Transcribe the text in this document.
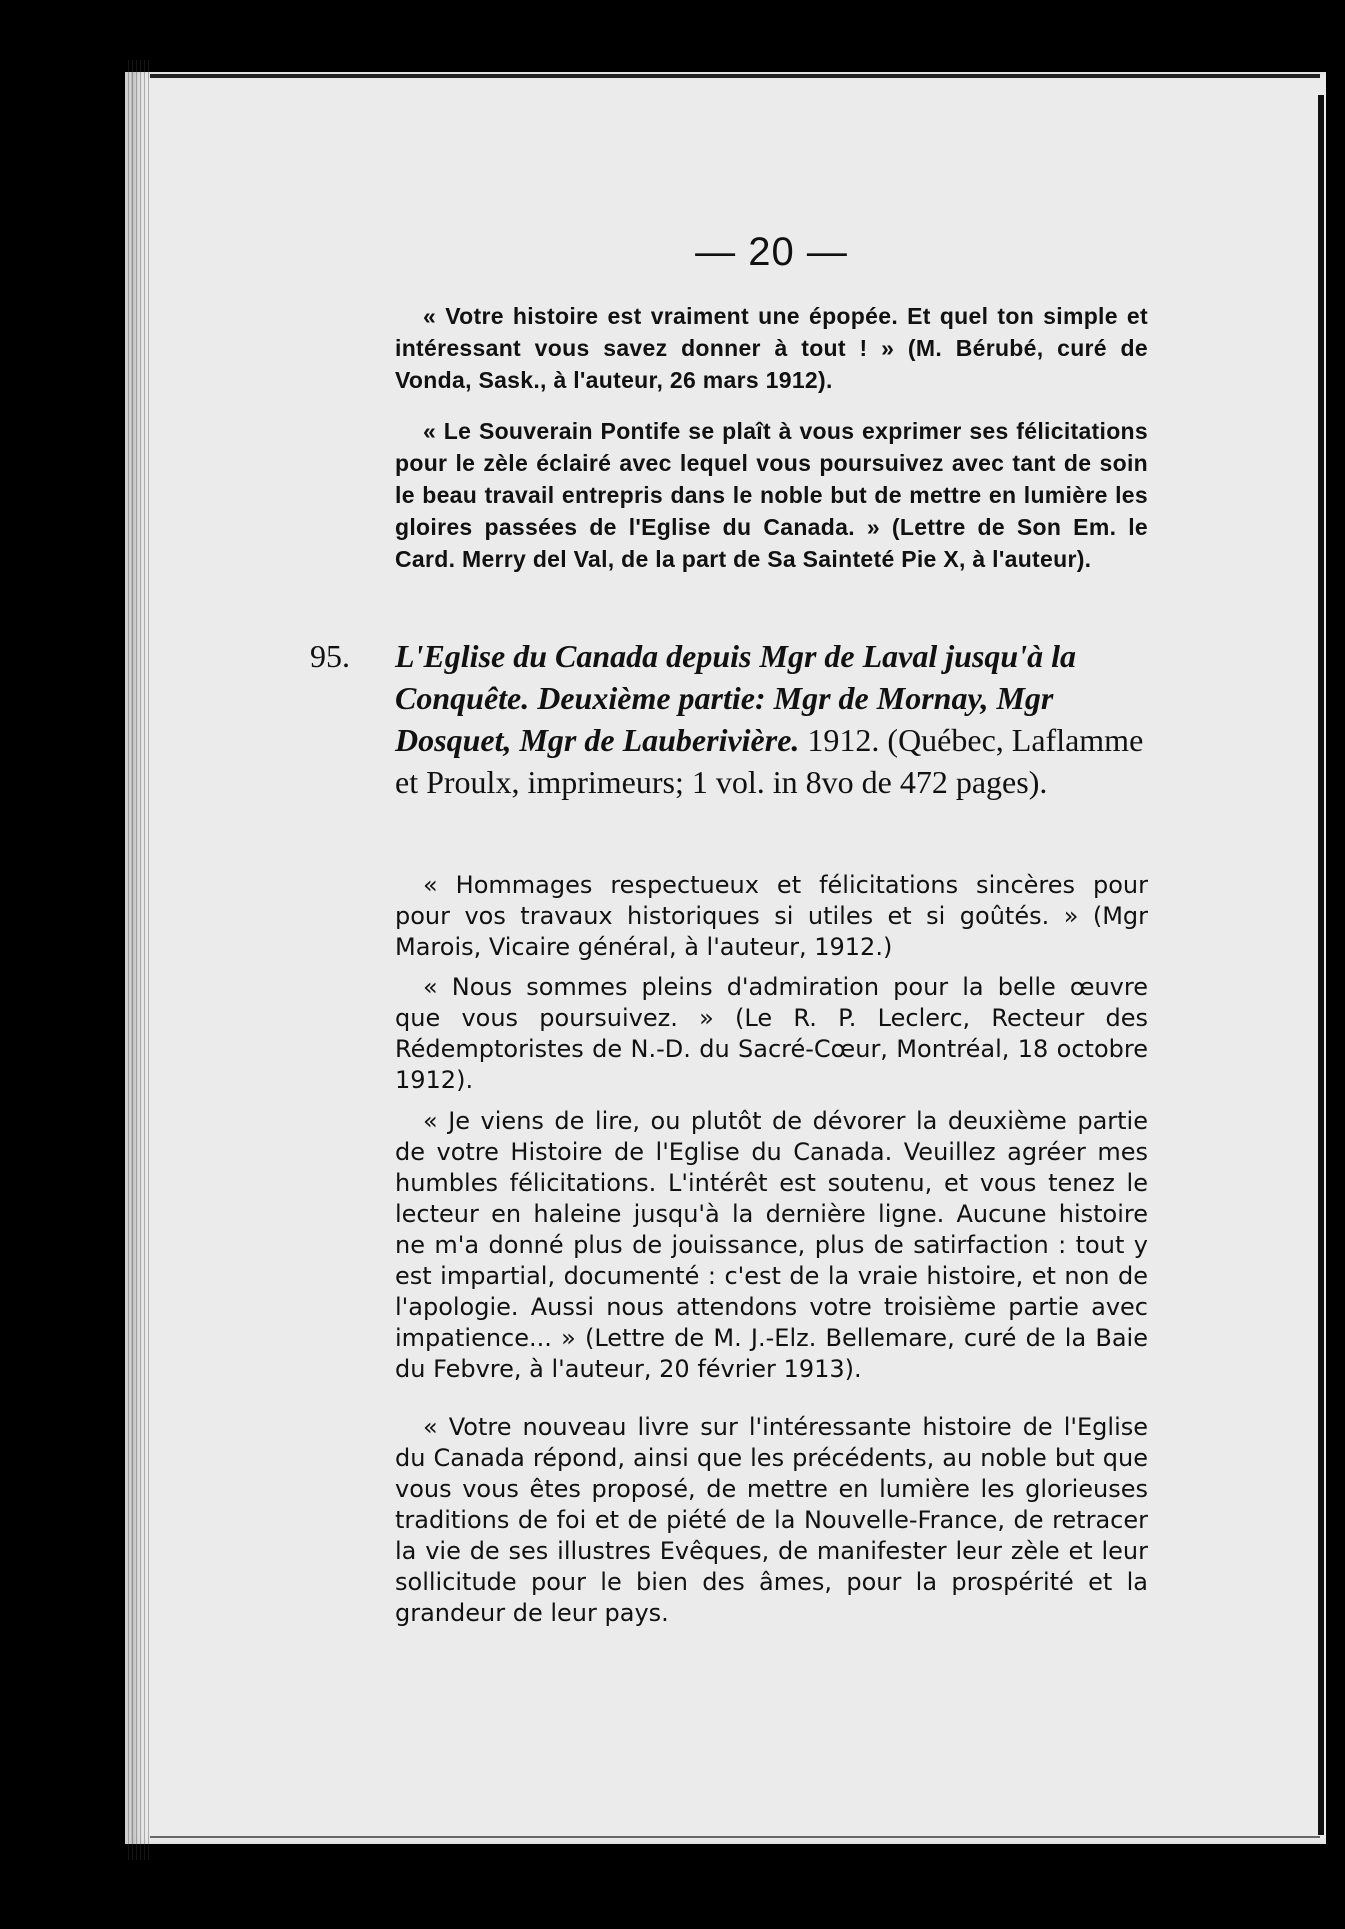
— 20 —

« Votre histoire est vraiment une épopée. Et quel ton simple et intéressant vous savez donner à tout ! » (M. Bérubé, curé de Vonda, Sask., à l'auteur, 26 mars 1912).

« Le Souverain Pontife se plaît à vous exprimer ses félicitations pour le zèle éclairé avec lequel vous poursuivez avec tant de soin le beau travail entrepris dans le noble but de mettre en lumière les gloires passées de l'Eglise du Canada. » (Lettre de Son Em. le Card. Merry del Val, de la part de Sa Sainteté Pie X, à l'auteur).

95. L'Eglise du Canada depuis Mgr de Laval jusqu'à la Conquête. Deuxième partie: Mgr de Mornay, Mgr Dosquet, Mgr de Lauberivière. 1912. (Québec, Laflamme et Proulx, imprimeurs; 1 vol. in 8vo de 472 pages).

« Hommages respectueux et félicitations sincères pour pour vos travaux historiques si utiles et si goûtés. » (Mgr Marois, Vicaire général, à l'auteur, 1912.)

« Nous sommes pleins d'admiration pour la belle œuvre que vous poursuivez. » (Le R. P. Leclerc, Recteur des Rédemptoristes de N.-D. du Sacré-Cœur, Montréal, 18 octobre 1912).

« Je viens de lire, ou plutôt de dévorer la deuxième partie de votre Histoire de l'Eglise du Canada. Veuillez agréer mes humbles félicitations. L'intérêt est soutenu, et vous tenez le lecteur en haleine jusqu'à la dernière ligne. Aucune histoire ne m'a donné plus de jouissance, plus de satirfaction : tout y est impartial, documenté : c'est de la vraie histoire, et non de l'apologie. Aussi nous attendons votre troisième partie avec impatience... » (Lettre de M. J.-Elz. Bellemare, curé de la Baie du Febvre, à l'auteur, 20 février 1913).

« Votre nouveau livre sur l'intéressante histoire de l'Eglise du Canada répond, ainsi que les précédents, au noble but que vous vous êtes proposé, de mettre en lumière les glorieuses traditions de foi et de piété de la Nouvelle-France, de retracer la vie de ses illustres Evêques, de manifester leur zèle et leur sollicitude pour le bien des âmes, pour la prospérité et la grandeur de leur pays.
